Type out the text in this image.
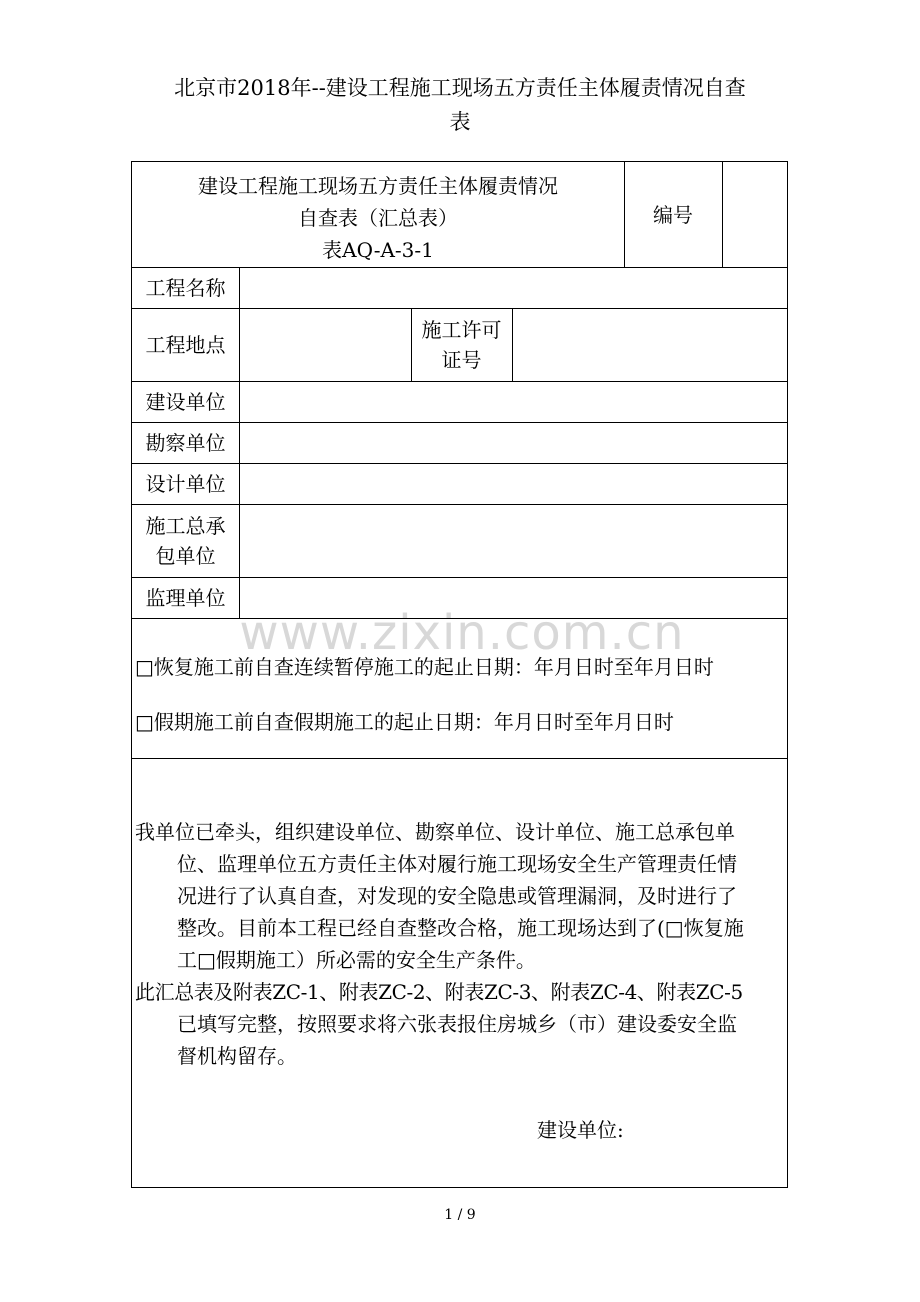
北京市2018年--建设工程施工现场五方责任主体履责情况自查
表
建设工程施工现场五方责任主体履责情况
自查表（汇总表）
表AQ-A-3-1
编号
工程名称
工程地点
施工许可
证号
建设单位
勘察单位
设计单位
施工总承
包单位
监理单位
□恢复施工前自查连续暂停施工的起止日期：年月日时至年月日时
□假期施工前自查假期施工的起止日期：年月日时至年月日时
我单位已牵头，组织建设单位、勘察单位、设计单位、施工总承包单
位、监理单位五方责任主体对履行施工现场安全生产管理责任情
况进行了认真自查，对发现的安全隐患或管理漏洞，及时进行了
整改。目前本工程已经自查整改合格，施工现场达到了(□恢复施
工□假期施工）所必需的安全生产条件。
此汇总表及附表ZC-1、附表ZC-2、附表ZC-3、附表ZC-4、附表ZC-5
已填写完整，按照要求将六张表报住房城乡（市）建设委安全监
督机构留存。
建设单位:
www.zixin.com.cn
1 / 9
